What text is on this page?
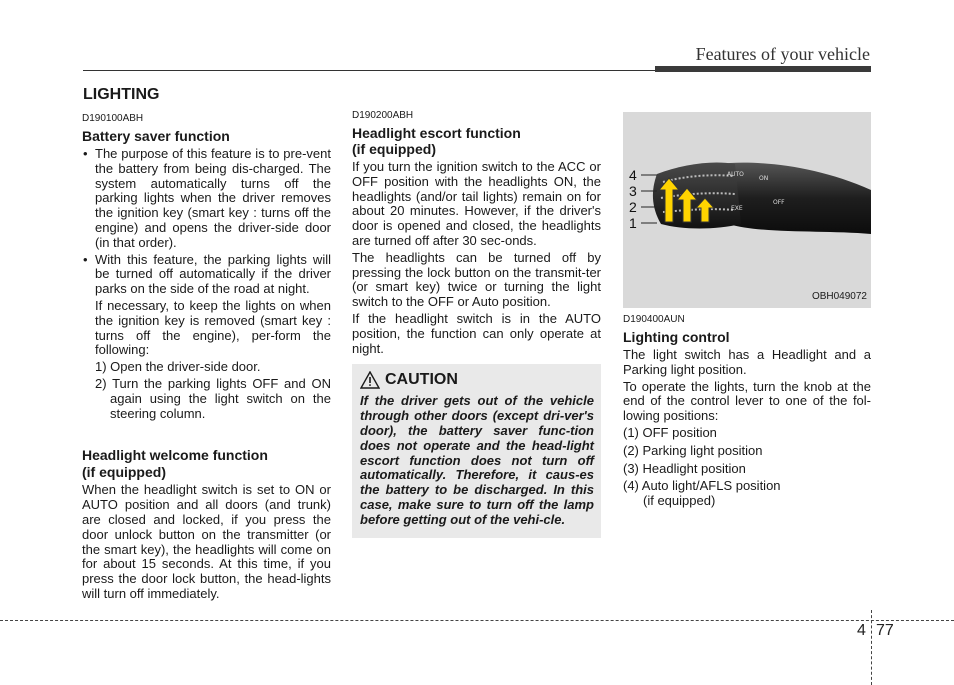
Features of your vehicle
LIGHTING
D190100ABH
Battery saver function
• The purpose of this feature is to pre-vent the battery from being dis-charged. The system automatically turns off the parking lights when the driver removes the ignition key (smart key : turns off the engine) and opens the driver-side door (in that order).
• With this feature, the parking lights will be turned off automatically if the driver parks on the side of the road at night.
If necessary, to keep the lights on when the ignition key is removed (smart key : turns off the engine), per-form the following:
1) Open the driver-side door.
2) Turn the parking lights OFF and ON again using the light switch on the steering column.
Headlight welcome function
(if equipped)

When the headlight switch is set to ON or AUTO position and all doors (and trunk) are closed and locked, if you press the door unlock button on the transmitter (or the smart key), the headlights will come on for about 15 seconds. At this time, if you press the door lock button, the head-lights will turn off immediately.

D190200ABH
Headlight escort function
(if equipped)

If you turn the ignition switch to the ACC or OFF position with the headlights ON, the headlights (and/or tail lights) remain on for about 20 minutes. However, if the driver's door is opened and closed, the headlights are turned off after 30 sec-onds.

The headlights can be turned off by pressing the lock button on the transmit-ter (or smart key) twice or turning the light switch to the OFF or Auto position.

If the headlight switch is in the AUTO position, the function can only operate at night.

CAUTION
If the driver gets out of the vehicle through other doors (except dri-ver's door), the battery saver func-tion does not operate and the head-light escort function does not turn off automatically. Therefore, it caus-es the battery to be discharged. In this case, make sure to turn off the lamp before getting out of the vehi-cle.
AUTO
ON
OFF
EXE
4
3
2
1
OBH049072
D190400AUN
Lighting control

The light switch has a Headlight and a Parking light position.

To operate the lights, turn the knob at the end of the control lever to one of the fol-lowing positions:

(1) OFF position
(2) Parking light position
(3) Headlight position
(4) Auto light/AFLS position
(if equipped)
4 77
